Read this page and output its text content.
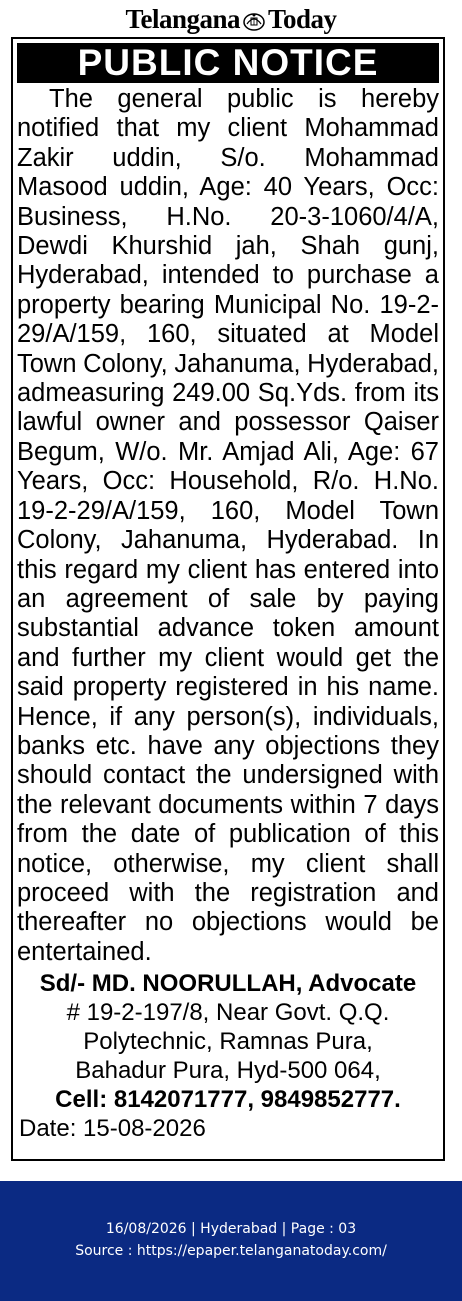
Telangana Today
PUBLIC NOTICE
The general public is hereby notified that my client Mohammad Zakir uddin, S/o. Mohammad Masood uddin, Age: 40 Years, Occ: Business, H.No. 20-3-1060/4/A, Dewdi Khurshid jah, Shah gunj, Hyderabad, intended to purchase a property bearing Municipal No. 19-2-29/A/159, 160, situated at Model Town Colony, Jahanuma, Hyderabad, admeasuring 249.00 Sq.Yds. from its lawful owner and possessor Qaiser Begum, W/o. Mr. Amjad Ali, Age: 67 Years, Occ: Household, R/o. H.No. 19-2-29/A/159, 160, Model Town Colony, Jahanuma, Hyderabad. In this regard my client has entered into an agreement of sale by paying substantial advance token amount and further my client would get the said property registered in his name. Hence, if any person(s), individuals, banks etc. have any objections they should contact the undersigned with the relevant documents within 7 days from the date of publication of this notice, otherwise, my client shall proceed with the registration and thereafter no objections would be entertained.
Sd/- MD. NOORULLAH, Advocate
# 19-2-197/8, Near Govt. Q.Q.
Polytechnic, Ramnas Pura,
Bahadur Pura, Hyd-500 064,
Cell: 8142071777, 9849852777.
Date: 15-08-2026
16/08/2026 | Hyderabad | Page : 03
Source : https://epaper.telanganatoday.com/
